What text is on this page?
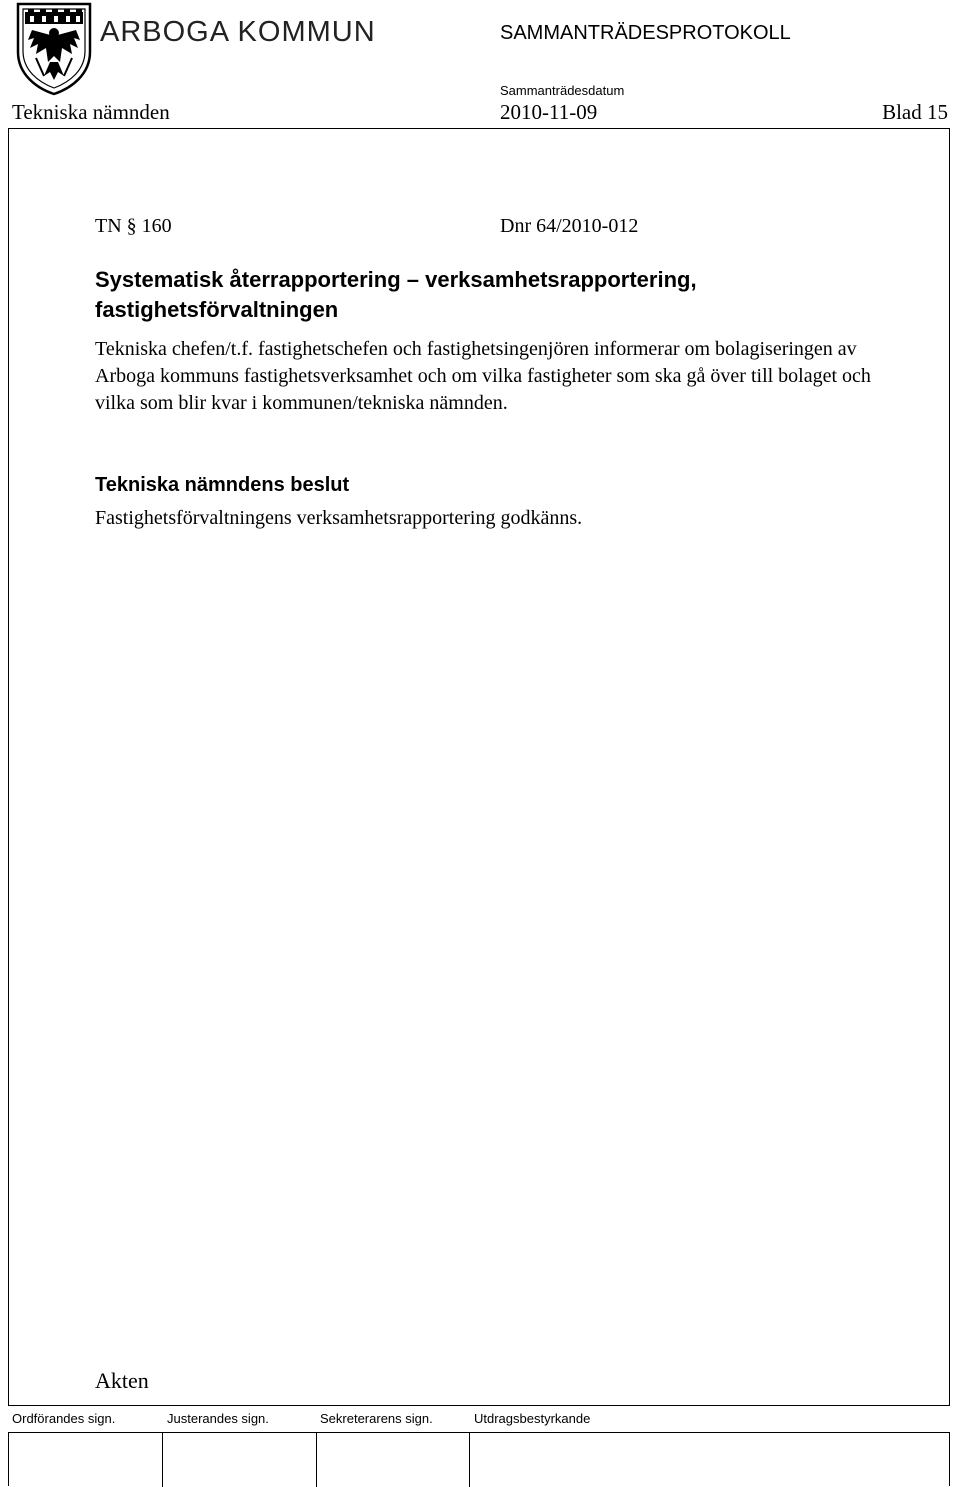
ARBOGA KOMMUN	SAMMANTRÄDESPROTOKOLL
Sammanträdesdatum
Tekniska nämnden	2010-11-09	Blad 15
TN § 160	Dnr 64/2010-012
Systematisk återrapportering – verksamhetsrapportering, fastighetsförvaltningen
Tekniska chefen/t.f. fastighetschefen och fastighetsingenjören informerar om bolagiseringen av Arboga kommuns fastighetsverksamhet och om vilka fastigheter som ska gå över till bolaget och vilka som blir kvar i kommunen/tekniska nämnden.
Tekniska nämndens beslut
Fastighetsförvaltningens verksamhetsrapportering godkänns.
Akten
Ordförandes sign.	Justerandes sign.	Sekreterarens sign.	Utdragsbestyrkande
